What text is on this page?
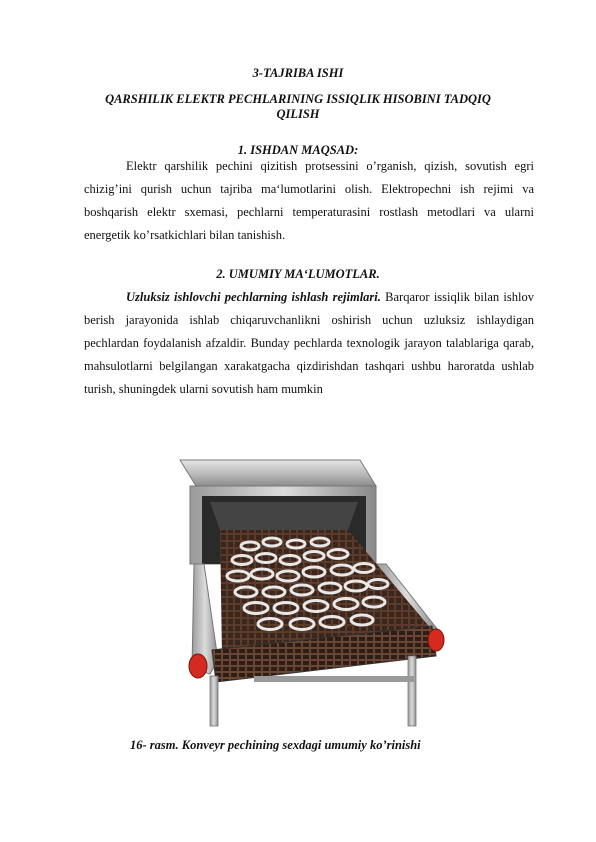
3-TAJRIBA ISHI
QARSHILIK ELEKTR PECHLARINING ISSIQLIK HISOBINI TADQIQ
QILISH
1. ISHDAN MAQSAD:
Elektr qarshilik pechini qizitish protsessini o’rganish, qizish, sovutish egri chizig’ini qurish uchun tajriba ma‘lumotlarini olish. Elektropechni ish rejimi va boshqarish elektr sxemasi, pechlarni temperaturasini rostlash metodlari va ularni energetik ko’rsatkichlari bilan tanishish.
2. UMUMIY MA‘LUMOTLAR.
Uzluksiz ishlovchi pechlarning ishlash rejimlari. Barqaror issiqlik bilan ishlov berish jarayonida ishlab chiqaruvchanlikni oshirish uchun uzluksiz ishlaydigan pechlardan foydalanish afzaldir. Bunday pechlarda texnologik jarayon talablariga qarab, mahsulotlarni belgilangan xarakatgacha qizdirishdan tashqari ushbu haroratda ushlab turish, shuningdek ularni sovutish ham mumkin
16- rasm. Konveyr pechining sexdagi umumiy ko’rinishi
